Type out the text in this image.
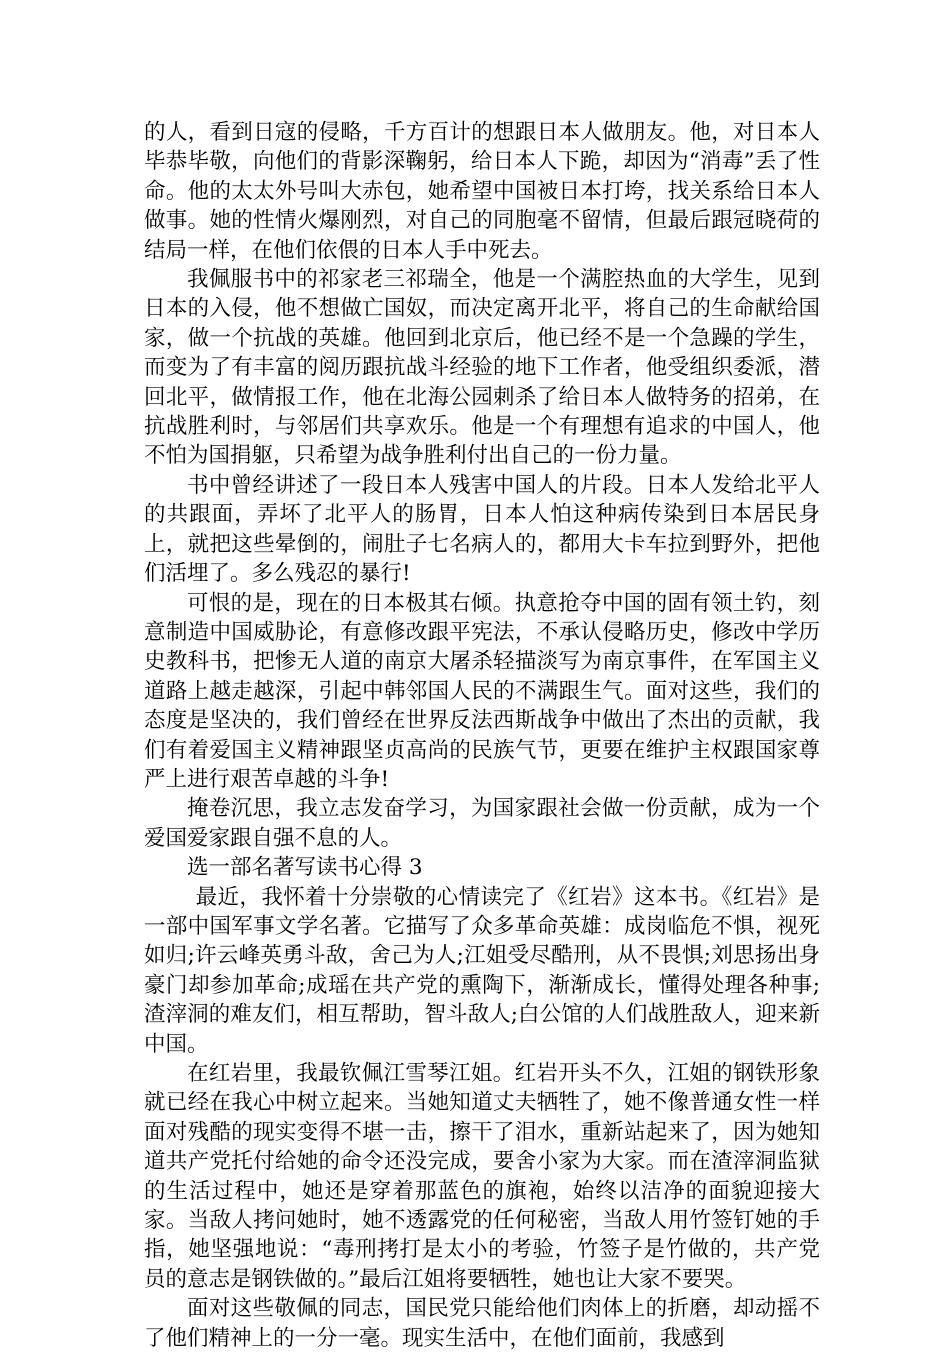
的人，看到日寇的侵略，千方百计的想跟日本人做朋友。他，对日本人毕恭毕敬，向他们的背影深鞠躬，给日本人下跪，却因为“消毒”丢了性命。他的太太外号叫大赤包，她希望中国被日本打垮，找关系给日本人做事。她的性情火爆刚烈，对自己的同胞毫不留情，但最后跟冠晓荷的结局一样，在他们依偎的日本人手中死去。

我佩服书中的祁家老三祁瑞全，他是一个满腔热血的大学生，见到日本的入侵，他不想做亡国奴，而决定离开北平，将自己的生命献给国家，做一个抗战的英雄。他回到北京后，他已经不是一个急躁的学生，而变为了有丰富的阅历跟抗战斗经验的地下工作者，他受组织委派，潜回北平，做情报工作，他在北海公园刺杀了给日本人做特务的招弟，在抗战胜利时，与邻居们共享欢乐。他是一个有理想有追求的中国人，他不怕为国捐躯，只希望为战争胜利付出自己的一份力量。

书中曾经讲述了一段日本人残害中国人的片段。日本人发给北平人的共跟面，弄坏了北平人的肠胃，日本人怕这种病传染到日本居民身上，就把这些晕倒的，闹肚子七名病人的，都用大卡车拉到野外，把他们活埋了。多么残忍的暴行!

可恨的是，现在的日本极其右倾。执意抢夺中国的固有领土钓，刻意制造中国威胁论，有意修改跟平宪法，不承认侵略历史，修改中学历史教科书，把惨无人道的南京大屠杀轻描淡写为南京事件，在军国主义道路上越走越深，引起中韩邻国人民的不满跟生气。面对这些，我们的态度是坚决的，我们曾经在世界反法西斯战争中做出了杰出的贡献，我们有着爱国主义精神跟坚贞高尚的民族气节，更要在维护主权跟国家尊严上进行艰苦卓越的斗争!

掩卷沉思，我立志发奋学习，为国家跟社会做一份贡献，成为一个爱国爱家跟自强不息的人。

选一部名著写读书心得 3

最近，我怀着十分崇敬的心情读完了《红岩》这本书。《红岩》是一部中国军事文学名著。它描写了众多革命英雄：成岗临危不惧，视死如归;许云峰英勇斗敌，舍己为人;江姐受尽酷刑，从不畏惧;刘思扬出身豪门却参加革命;成瑶在共产党的熏陶下，渐渐成长，懂得处理各种事;渣滓洞的难友们，相互帮助，智斗敌人;白公馆的人们战胜敌人，迎来新中国。

在红岩里，我最钦佩江雪琴江姐。红岩开头不久，江姐的钢铁形象就已经在我心中树立起来。当她知道丈夫牺牲了，她不像普通女性一样面对残酷的现实变得不堪一击，擦干了泪水，重新站起来了，因为她知道共产党托付给她的命令还没完成，要舍小家为大家。而在渣滓洞监狱的生活过程中，她还是穿着那蓝色的旗袍，始终以洁净的面貌迎接大家。当敌人拷问她时，她不透露党的任何秘密，当敌人用竹签钉她的手指，她坚强地说：“毒刑拷打是太小的考验，竹签子是竹做的，共产党员的意志是钢铁做的。”最后江姐将要牺牲，她也让大家不要哭。

面对这些敬佩的同志，国民党只能给他们肉体上的折磨，却动摇不了他们精神上的一分一毫。现实生活中，在他们面前，我感到
